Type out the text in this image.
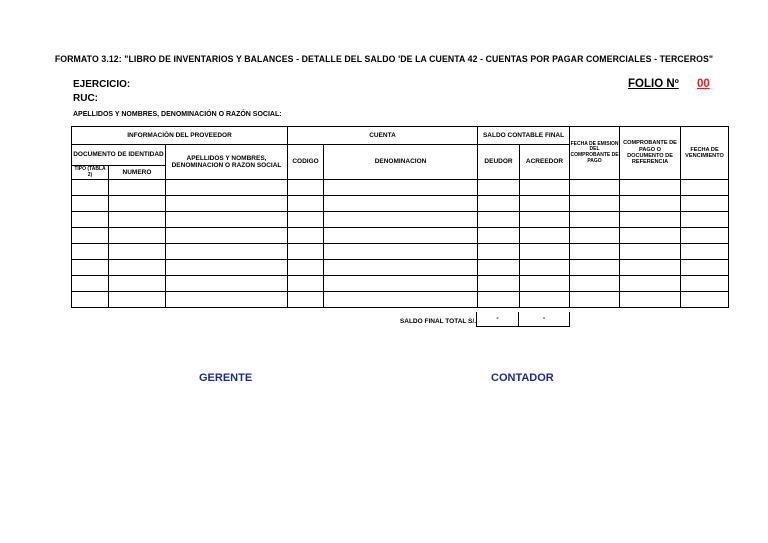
FORMATO 3.12: "LIBRO DE INVENTARIOS Y BALANCES - DETALLE DEL SALDO 'DE LA CUENTA 42 - CUENTAS POR PAGAR COMERCIALES - TERCEROS"
EJERCICIO:
RUC:
FOLIO Nº 00
APELLIDOS Y NOMBRES, DENOMINACIÓN O RAZÓN SOCIAL:
INFORMACIÓN DEL PROVEEDOR			CUENTA		SALDO CONTABLE FINAL		FECHA DE EMISION DEL COMPROBANTE DE PAGO	COMPROBANTE DE PAGO O DOCUMENTO DE REFERENCIA	FECHA DE VENCIMIENTO
DOCUMENTO DE IDENTIDAD		APELLIDOS Y NOMBRES, DENOMINACION O RAZON SOCIAL	CODIGO	DENOMINACION	DEUDOR	ACREEDOR			
TIPO (TABLA 2)	NUMERO								

SALDO FINAL TOTAL S/.	-	-
GERENTE	CONTADOR
